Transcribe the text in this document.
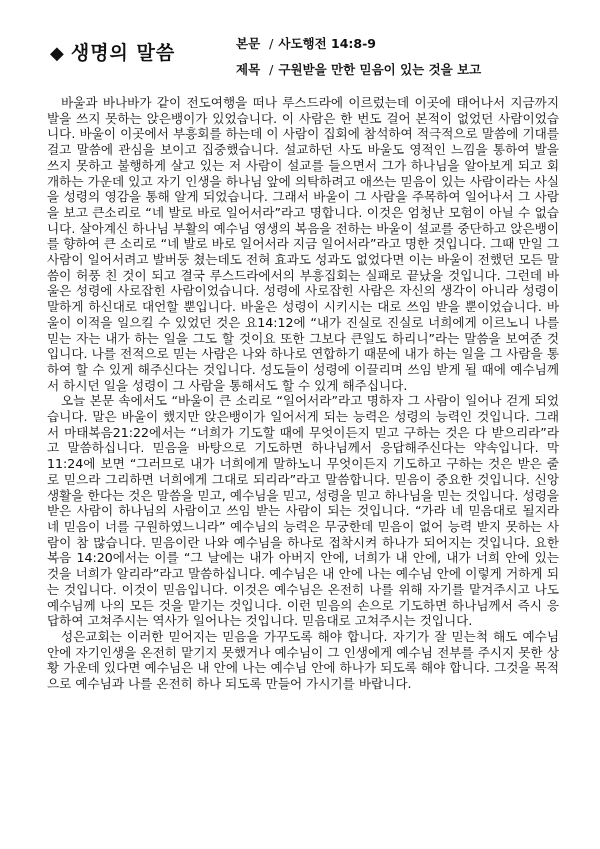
◆ 생명의 말씀	본문 / 사도행전 14:8-9
제목 / 구원받을 만한 믿음이 있는 것을 보고

바울과 바나바가 같이 전도여행을 떠나 루스드라에 이르렀는데 이곳에 태어나서 지금까지 발을 쓰지 못하는 앉은뱅이가 있었습니다. 이 사람은 한 번도 걸어 본적이 없었던 사람이었습니다. 바울이 이곳에서 부흥회를 하는데 이 사람이 집회에 참석하여 적극적으로 말씀에 기대를 걸고 말씀에 관심을 보이고 집중했습니다. 설교하던 사도 바울도 영적인 느낌을 통하여 발을 쓰지 못하고 불행하게 살고 있는 저 사람이 설교를 들으면서 그가 하나님을 알아보게 되고 회개하는 가운데 있고 자기 인생을 하나님 앞에 의탁하려고 애쓰는 믿음이 있는 사람이라는 사실을 성령의 영감을 통해 알게 되었습니다. 그래서 바울이 그 사람을 주목하여 일어나서 그 사람을 보고 큰소리로 “네 발로 바로 일어서라”라고 명합니다. 이것은 엄청난 모험이 아닐 수 없습니다. 살아계신 하나님 부활의 예수님 영생의 복음을 전하는 바울이 설교를 중단하고 앉은뱅이를 향하여 큰 소리로 “네 발로 바로 일어서라 지금 일어서라”라고 명한 것입니다. 그때 만일 그 사람이 일어서려고 발버둥 쳤는데도 전혀 효과도 성과도 없었다면 이는 바울이 전했던 모든 말씀이 허풍 친 것이 되고 결국 루스드라에서의 부흥집회는 실패로 끝났을 것입니다. 그런데 바울은 성령에 사로잡힌 사람이었습니다. 성령에 사로잡힌 사람은 자신의 생각이 아니라 성령이 말하게 하신대로 대언할 뿐입니다. 바울은 성령이 시키시는 대로 쓰임 받을 뿐이었습니다. 바울이 이적을 일으킬 수 있었던 것은 요14:12에 “내가 진실로 진실로 너희에게 이르노니 나를 믿는 자는 내가 하는 일을 그도 할 것이요 또한 그보다 큰일도 하리니”라는 말씀을 보여준 것입니다. 나를 전적으로 믿는 사람은 나와 하나로 연합하기 때문에 내가 하는 일을 그 사람을 통하여 할 수 있게 해주신다는 것입니다. 성도들이 성령에 이끌리며 쓰임 받게 될 때에 예수님께서 하시던 일을 성령이 그 사람을 통해서도 할 수 있게 해주십니다.

오늘 본문 속에서도 “바울이 큰 소리로 “일어서라”라고 명하자 그 사람이 일어나 걷게 되었습니다. 말은 바울이 했지만 앉은뱅이가 일어서게 되는 능력은 성령의 능력인 것입니다. 그래서 마태복음21:22에서는 “너희가 기도할 때에 무엇이든지 믿고 구하는 것은 다 받으리라”라고 말씀하십니다. 믿음을 바탕으로 기도하면 하나님께서 응답해주신다는 약속입니다. 막11:24에 보면 “그러므로 내가 너희에게 말하노니 무엇이든지 기도하고 구하는 것은 받은 줄로 믿으라 그리하면 너희에게 그대로 되리라”라고 말씀합니다. 믿음이 중요한 것입니다. 신앙생활을 한다는 것은 말씀을 믿고, 예수님을 믿고, 성령을 믿고 하나님을 믿는 것입니다. 성령을 받은 사람이 하나님의 사람이고 쓰임 받는 사람이 되는 것입니다. “가라 네 믿음대로 될지라 네 믿음이 너를 구원하였느니라” 예수님의 능력은 무궁한데 믿음이 없어 능력 받지 못하는 사람이 참 많습니다. 믿음이란 나와 예수님을 하나로 접착시켜 하나가 되어지는 것입니다. 요한복음 14:20에서는 이를 “그 날에는 내가 아버지 안에, 너희가 내 안에, 내가 너희 안에 있는 것을 너희가 알리라”라고 말씀하십니다. 예수님은 내 안에 나는 예수님 안에 이렇게 거하게 되는 것입니다. 이것이 믿음입니다. 이것은 예수님은 온전히 나를 위해 자기를 맡겨주시고 나도 예수님께 나의 모든 것을 맡기는 것입니다. 이런 믿음의 손으로 기도하면 하나님께서 즉시 응답하여 고쳐주시는 역사가 일어나는 것입니다. 믿음대로 고쳐주시는 것입니다.

성은교회는 이러한 믿어지는 믿음을 가꾸도록 해야 합니다. 자기가 잘 믿는척 해도 예수님 안에 자기인생을 온전히 맡기지 못했거나 예수님이 그 인생에게 예수님 전부를 주시지 못한 상황 가운데 있다면 예수님은 내 안에 나는 예수님 안에 하나가 되도록 해야 합니다. 그것을 목적으로 예수님과 나를 온전히 하나 되도록 만들어 가시기를 바랍니다.
